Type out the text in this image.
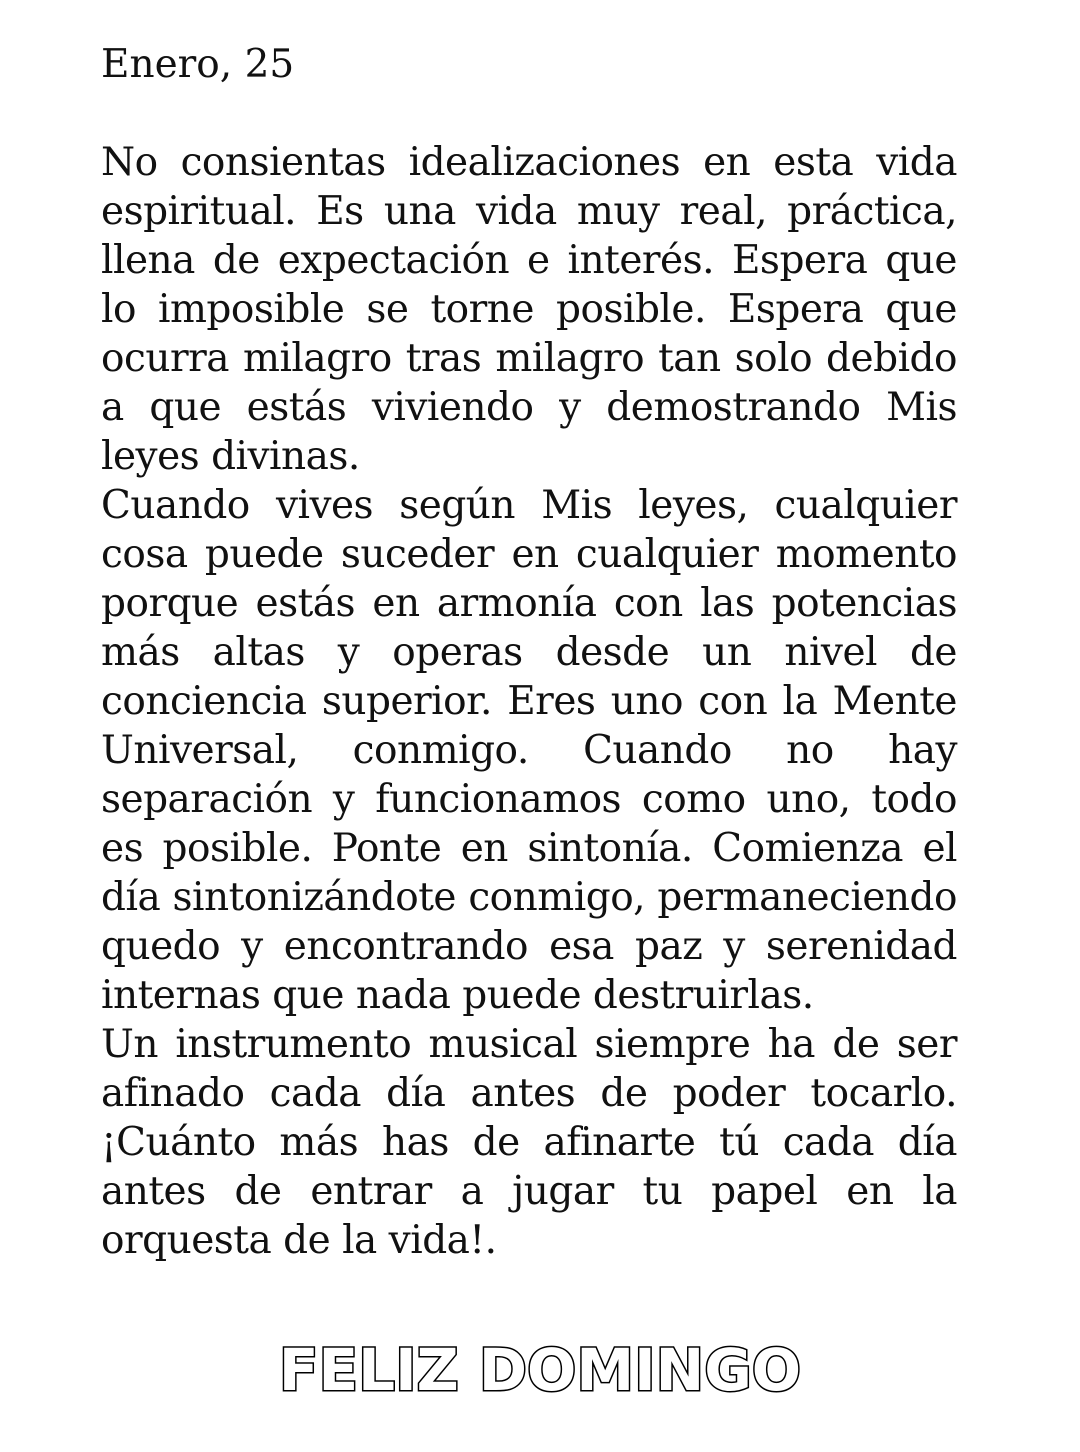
Enero, 25

No consientas idealizaciones en esta vida espiritual. Es una vida muy real, práctica, llena de expectación e interés. Espera que lo imposible se torne posible. Espera que ocurra milagro tras milagro tan solo debido a que estás viviendo y demostrando Mis leyes divinas.

Cuando vives según Mis leyes, cualquier cosa puede suceder en cualquier momento porque estás en armonía con las potencias más altas y operas desde un nivel de conciencia superior. Eres uno con la Mente Universal, conmigo. Cuando no hay separación y funcionamos como uno, todo es posible. Ponte en sintonía. Comienza el día sintonizándote conmigo, permaneciendo quedo y encontrando esa paz y serenidad internas que nada puede destruirlas.

Un instrumento musical siempre ha de ser afinado cada día antes de poder tocarlo. ¡Cuánto más has de afinarte tú cada día antes de entrar a jugar tu papel en la orquesta de la vida!.

FELIZ DOMINGO
